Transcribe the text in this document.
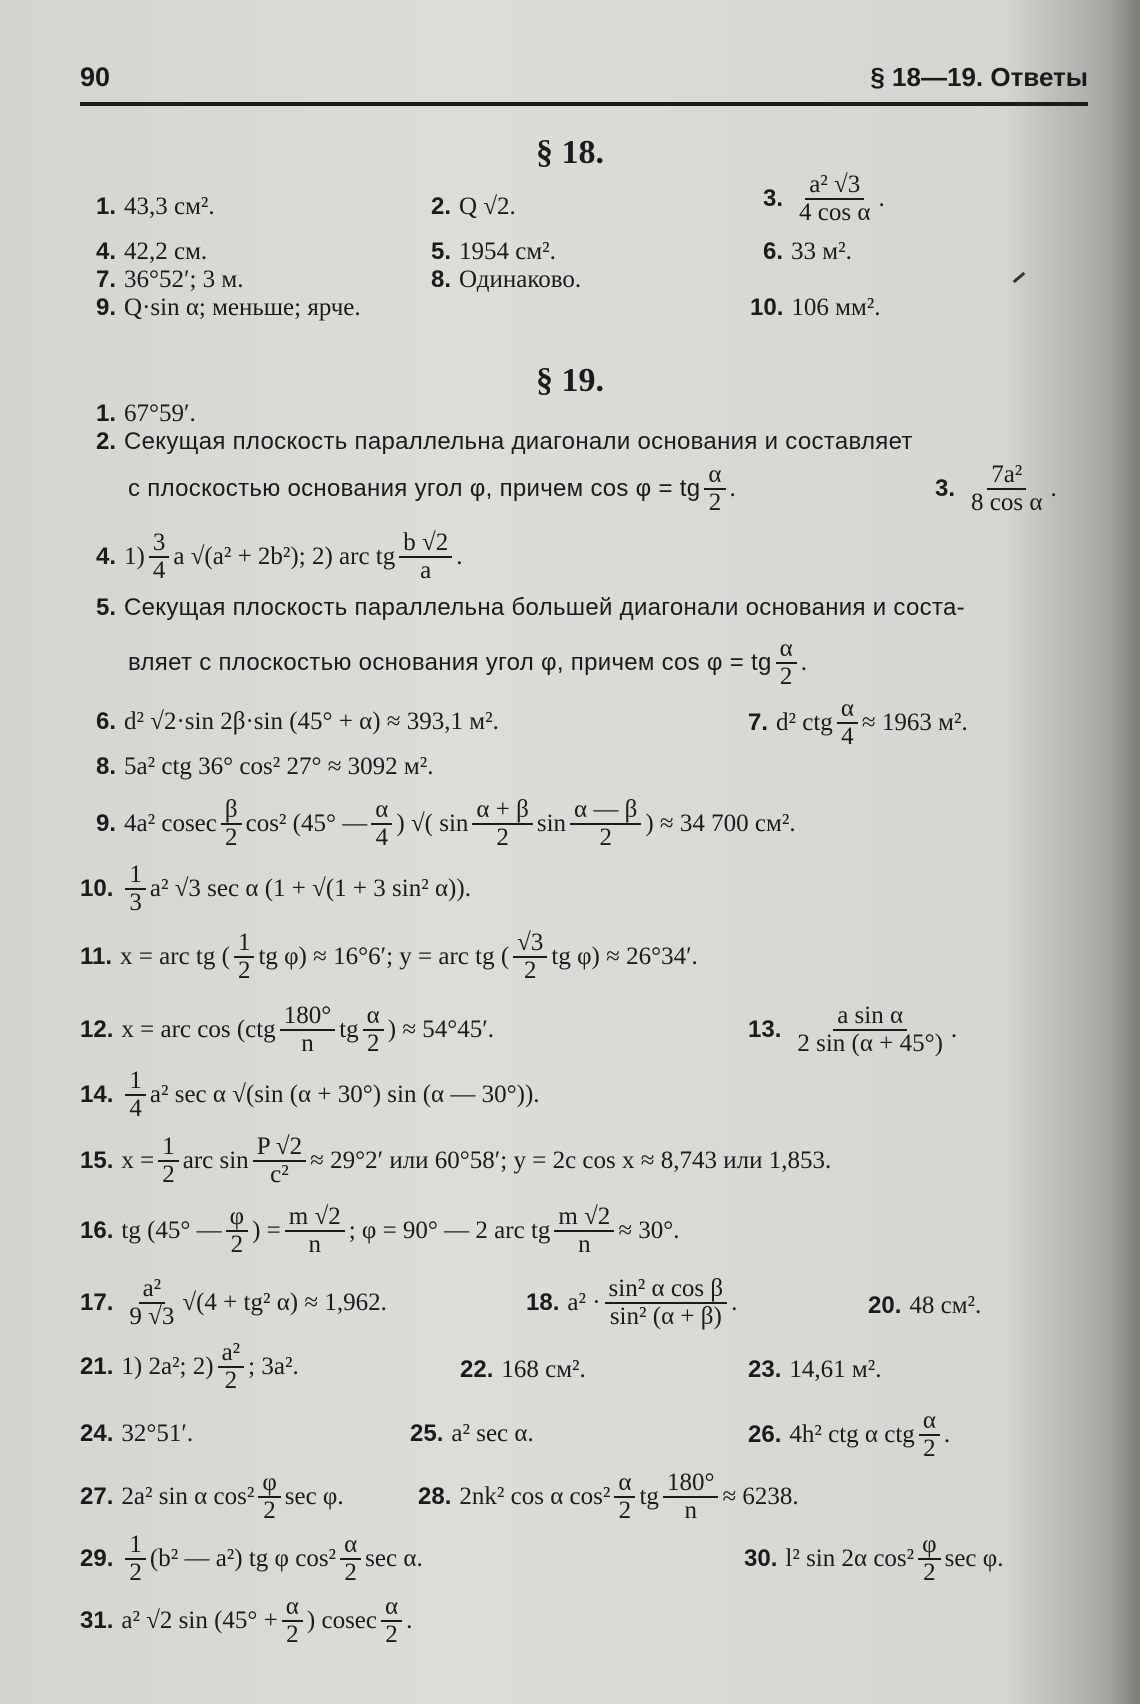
90	§ 18—19. Ответы
§ 18.
1. 43,3 см².	2. Q √2.	3. $\frac{\text{a² √3}}{\text{4 cos α}}$ .
4. 42,2 см.	5. 1954 см².	6. 33 м².
7. 36°52′; 3 м.	8. Одинаково.
9. Q·sin α; меньше; ярче.	10. 106 мм².
§ 19.
1. 67°59′.
2. Секущая плоскость параллельна диагонали основания и составляет
с плоскостью основания угол φ, причем cos φ = tg $\frac{\alpha}{2}$ .	3. $\frac{\text{7a²}}{\text{8 cos α}}$ .
4. $1) \frac{3}{4}$ a √(a² + 2b²); 2) arc tg $\frac{b √2}{a}$ .
5. Секущая плоскость параллельна большей диагонали основания и соста-
вляет с плоскостью основания угол φ, причем cos φ = tg $\frac{\alpha}{2}$ .
6. d² √2·sin 2β·sin (45° + α) ≈ 393,1 м².	7. d² ctg $\frac{\alpha}{4} \approx 1963$ м².
8. 5a² ctg 36° cos² 27° ≈ 3092 м².
9. 4a² cosec $\frac{\beta}{2} \cos^2$ (45° — $\frac{\alpha}{4}$ ) √( $\sin \frac{\alpha + \beta}{2}$ $\sin \frac{\alpha — \beta}{2}$ ) ≈ 34 700 см².
10. $\frac{1}{3} a^2$ √3 sec α (1 + √(1 + 3 sin² α)).
11. x = arc tg ( $\frac{1}{2}$ tg φ) ≈ 16°6′; y = arc tg ( $\frac{√3}{2}$ tg φ) ≈ 26°34′.
12. x = arc $\cos (ctg \frac{180^\circ}{n}$ tg $\frac{\alpha}{2}$ ) ≈ 54°45′.	13. $\frac{\text{a sin α}}{2 \sin (\alpha + 45^\circ)}$ .
14. $\frac{1}{4} a^2$ sec α √(sin (α + 30°) sin (α — 30°)).
15. $x = \frac{1}{2}$ arc $\sin \frac{P √2}{\text{c²}} \approx 29^\circ 2'$ или 60°58′; y = 2c cos x ≈ 8,743 или 1,853.
16. tg (45° — $\frac{\varphi}{2}$ ) = $\frac{m √2}{n}$ ; φ = 90° — 2 arc tg $\frac{m √2}{n} \approx 30^\circ$.
17. $\frac{\text{a²}}{9 √3} √(4 + tg^2$ α) ≈ 1,962.	18. $a^2 \cdot \frac{\text{sin² α cos β}}{\text{sin² (α + β)}}$ .	20. 48 см².
21. 1) 2a²; $2) \frac{\text{a²}}{2}$ ; 3a².	22. 168 см².	23. 14,61 м².
24. 32°51′.	25. a² sec α.	26. 4h² ctg α ctg $\frac{\alpha}{2}$ .
27. 2a² sin α $\cos^2 \frac{\varphi}{2}$ sec φ.	28. 2nk² cos α $\cos^2 \frac{\alpha}{2}$ tg $\frac{180^\circ}{n} \approx 6238$.
29. $\frac{1}{2} (b^2$ — a²) tg φ $\cos^2 \frac{\alpha}{2}$ sec α.	30. l² sin 2α $\cos^2 \frac{\varphi}{2}$ sec φ.
31. a² √2 $\sin (45^\circ + \frac{\alpha}{2}$ ) cosec $\frac{\alpha}{2}$ .
